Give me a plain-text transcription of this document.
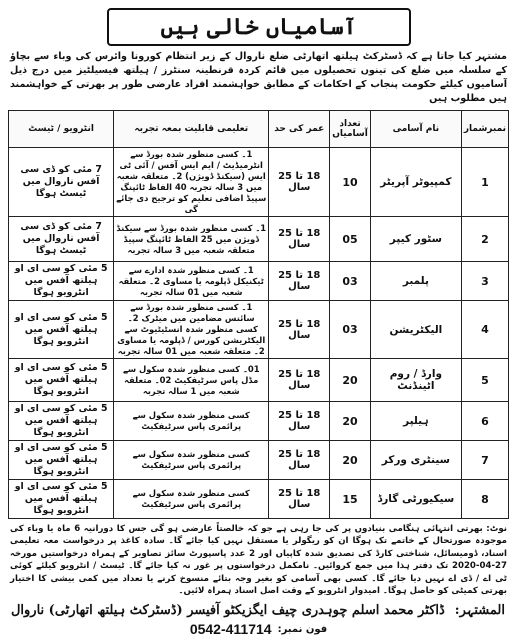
آسامیاں خالی ہیں

مشتہر کیا جاتا ہے کہ ڈسٹرکٹ ہیلتھ اتھارٹی ضلع ناروال کے زیر انتظام کورونا وائرس کی وباء سے بچاؤ کے سلسلہ میں ضلع کی تینوں تحصیلوں میں قائم کردہ قرنطینہ سنٹرز / ہیلتھ فیسیلٹیز میں درج ذیل آسامیوں کیلئے حکومت پنجاب کے احکامات کے مطابق خواہشمند افراد عارضی طور پر بھرتی کے خواہشمند ہیں مطلوب ہیں

نمبرشمار	نام آسامی	تعداد آسامیاں	عمر کی حد	تعلیمی قابلیت بمعہ تجربہ	انٹرویو / ٹیسٹ
1	کمپیوٹر آپریٹر	10	18 تا 25 سال	1۔ کسی منظور شدہ بورڈ سے انٹرمیڈیٹ / ایم ایس آفس / آئی ٹی ایس (سیکنڈ ڈویژن) 2۔ متعلقہ شعبہ میں 3 سالہ تجربہ 40 الفاظ ٹائپنگ سپیڈ اضافی تعلیم کو ترجیح دی جائے گی	7 مئی کو ڈی سی آفس ناروال میں ٹیسٹ ہوگا
2	سٹور کیپر	05	18 تا 25 سال	1۔ کسی منظور شدہ بورڈ سے سیکنڈ ڈویژن میں 25 الفاظ ٹائپنگ سپیڈ متعلقہ شعبہ میں 3 سالہ تجربہ	7 مئی کو ڈی سی آفس ناروال میں ٹیسٹ ہوگا
3	پلمبر	03	18 تا 25 سال	1۔ کسی منظور شدہ ادارے سے ٹیکنیکل ڈپلومہ یا مساوی 2۔ متعلقہ شعبہ میں 01 سالہ تجربہ	5 مئی کو سی ای او ہیلتھ آفس میں انٹرویو ہوگا
4	الیکٹریشن	03	18 تا 25 سال	1۔ کسی منظور شدہ بورڈ سے سائنس مضامین میں میٹرک 2۔ کسی منظور شدہ انسٹیٹیوٹ سے الیکٹریشن کورس / ڈپلومہ یا مساوی 2۔ متعلقہ شعبہ میں 01 سالہ تجربہ	5 مئی کو سی ای او ہیلتھ آفس میں انٹرویو ہوگا
5	وارڈ / روم اٹینڈنٹ	20	18 تا 25 سال	01۔ کسی منظور شدہ سکول سے مڈل پاس سرٹیفکیٹ 02۔ متعلقہ شعبہ میں 1 سالہ تجربہ	5 مئی کو سی ای او ہیلتھ آفس میں انٹرویو ہوگا
6	ہیلپر	20	18 تا 25 سال	کسی منظور شدہ سکول سے پرائمری پاس سرٹیفکیٹ	5 مئی کو سی ای او ہیلتھ آفس میں انٹرویو ہوگا
7	سینٹری ورکر	20	18 تا 25 سال	کسی منظور شدہ سکول سے پرائمری پاس سرٹیفکیٹ	5 مئی کو سی ای او ہیلتھ آفس میں انٹرویو ہوگا
8	سیکیورٹی گارڈ	15	18 تا 25 سال	کسی منظور شدہ سکول سے پرائمری پاس سرٹیفکیٹ	5 مئی کو سی ای او ہیلتھ آفس میں انٹرویو ہوگا

نوٹ: بھرتی انتہائی ہنگامی بنیادوں پر کی جا رہی ہے جو کہ خالصتاً عارضی ہو گی جس کا دورانیہ 6 ماہ یا وباء کی موجودہ صورتحال کے خاتمے تک ہوگا ان کو ریگولر یا مستقل نہیں کیا جائے گا۔ سادہ کاغذ پر درخواست معہ تعلیمی اسناد، ڈومیسائل، شناختی کارڈ کی تصدیق شدہ کاپیاں اور 2 عدد پاسپورٹ سائز تصاویر کے ہمراہ درخواستیں مورخہ 27-04-2020 تک دفتر ہذا میں جمع کروائیں۔ نامکمل درخواستوں پر غور نہ کیا جائے گا۔ ٹیسٹ / انٹرویو کیلئے کوئی ٹی اے / ڈی اے نہیں دیا جائے گا۔ کسی بھی آسامی کو بغیر وجہ بتائے منسوخ کرنے یا تعداد میں کمی بیشی کا اختیار بھرتی کمیٹی کو حاصل ہوگا۔ امیدوار انٹرویو کے وقت اصل اسناد ہمراہ لائیں۔

المشتہر:
ڈاکٹر محمد اسلم چوہدری چیف ایگزیکٹو آفیسر (ڈسٹرکٹ ہیلتھ اتھارٹی) ناروال
0542-411714 فون نمبر:
